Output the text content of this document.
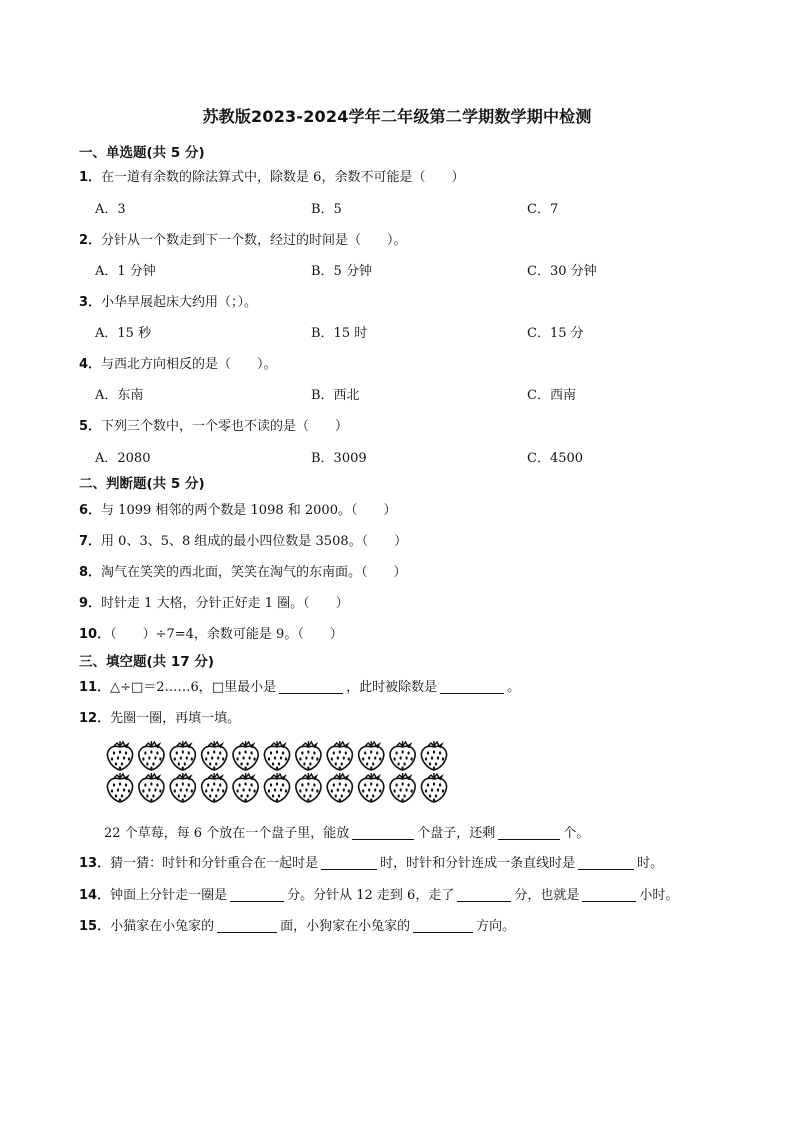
苏教版2023-2024学年二年级第二学期数学期中检测
一、单选题(共 5 分)
1．在一道有余数的除法算式中，除数是 6，余数不可能是（　　）
A．3	B．5	C．7
2．分针从一个数走到下一个数，经过的时间是（　　）。
A．1 分钟	B．5 分钟	C．30 分钟
3．小华早展起床大约用（；）。
A．15 秒	B．15 时	C．15 分
4．与西北方向相反的是（　　）。
A．东南	B．西北	C．西南
5．下列三个数中，一个零也不读的是（　　）
A．2080	B．3009	C．4500
二、判断题(共 5 分)
6．与 1099 相邻的两个数是 1098 和 2000。（　　）
7．用 0、3、5、8 组成的最小四位数是 3508。（　　）
8．淘气在笑笑的西北面，笑笑在淘气的东南面。（　　）
9．时针走 1 大格，分针正好走 1 圈。（　　）
10．（　　）÷7=4，余数可能是 9。（　　）
三、填空题(共 17 分)
11．△÷□＝2……6，□里最小是	，此时被除数是	。
12．先圈一圈，再填一填。
22 个草莓，每 6 个放在一个盘子里，能放	个盘子，还剩	个。
13．猜一猜：时针和分针重合在一起时是	时，时针和分针连成一条直线时是	时。
14．钟面上分针走一圈是	分。分针从 12 走到 6，走了	分，也就是	小时。
15．小猫家在小兔家的	面，小狗家在小兔家的	方向。
